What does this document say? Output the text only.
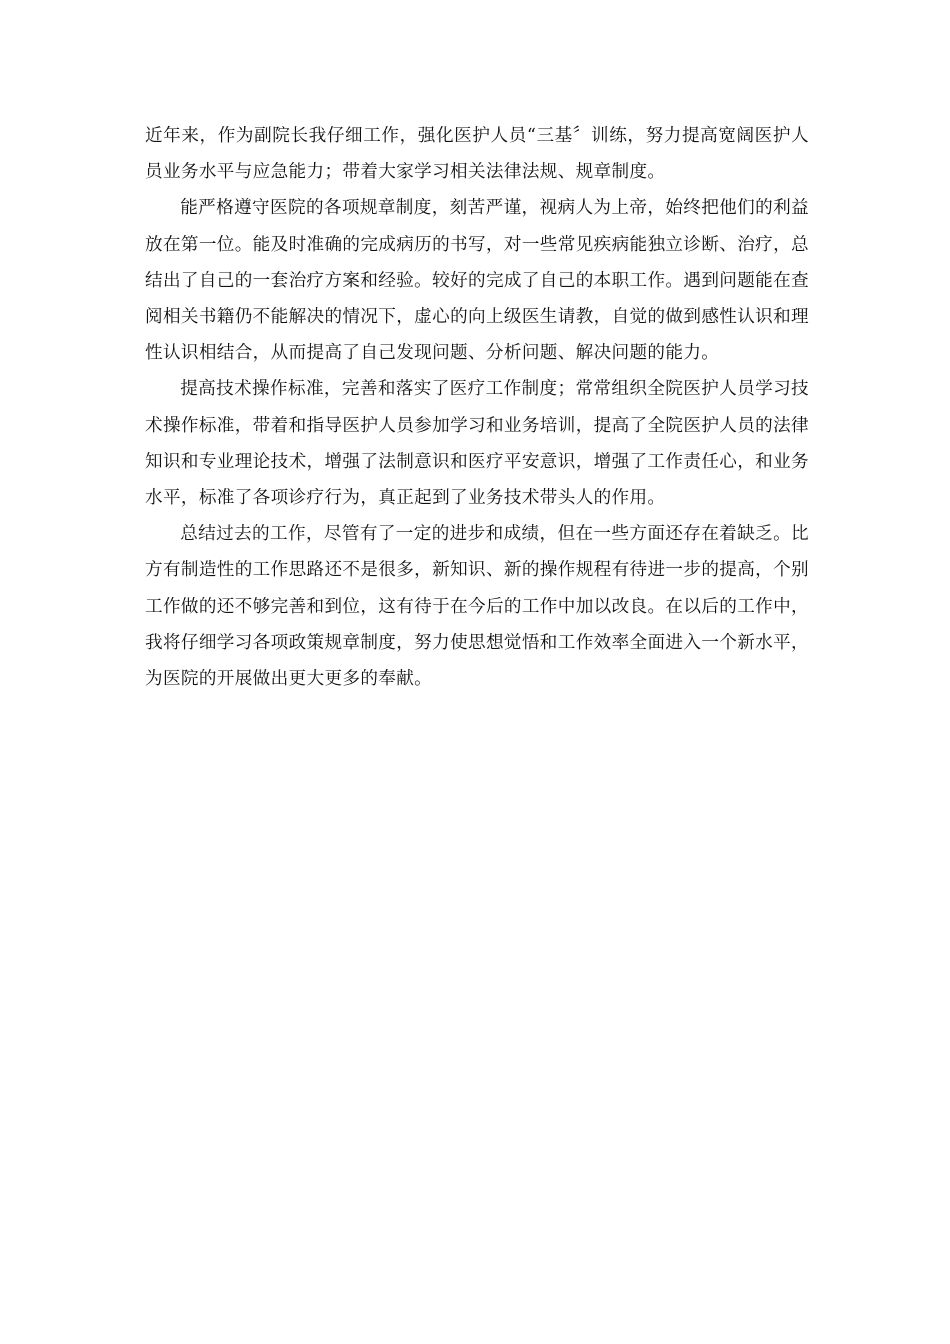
近年来，作为副院长我仔细工作，强化医护人员“三基〞训练，努力提高宽阔医护人员业务水平与应急能力；带着大家学习相关法律法规、规章制度。

能严格遵守医院的各项规章制度，刻苦严谨，视病人为上帝，始终把他们的利益放在第一位。能及时准确的完成病历的书写，对一些常见疾病能独立诊断、治疗，总结出了自己的一套治疗方案和经验。较好的完成了自己的本职工作。遇到问题能在查阅相关书籍仍不能解决的情况下，虚心的向上级医生请教，自觉的做到感性认识和理性认识相结合，从而提高了自己发现问题、分析问题、解决问题的能力。

提高技术操作标准，完善和落实了医疗工作制度；常常组织全院医护人员学习技术操作标准，带着和指导医护人员参加学习和业务培训，提高了全院医护人员的法律知识和专业理论技术，增强了法制意识和医疗平安意识，增强了工作责任心，和业务水平，标准了各项诊疗行为，真正起到了业务技术带头人的作用。

总结过去的工作，尽管有了一定的进步和成绩，但在一些方面还存在着缺乏。比方有制造性的工作思路还不是很多，新知识、新的操作规程有待进一步的提高，个别工作做的还不够完善和到位，这有待于在今后的工作中加以改良。在以后的工作中，我将仔细学习各项政策规章制度，努力使思想觉悟和工作效率全面进入一个新水平，为医院的开展做出更大更多的奉献。
